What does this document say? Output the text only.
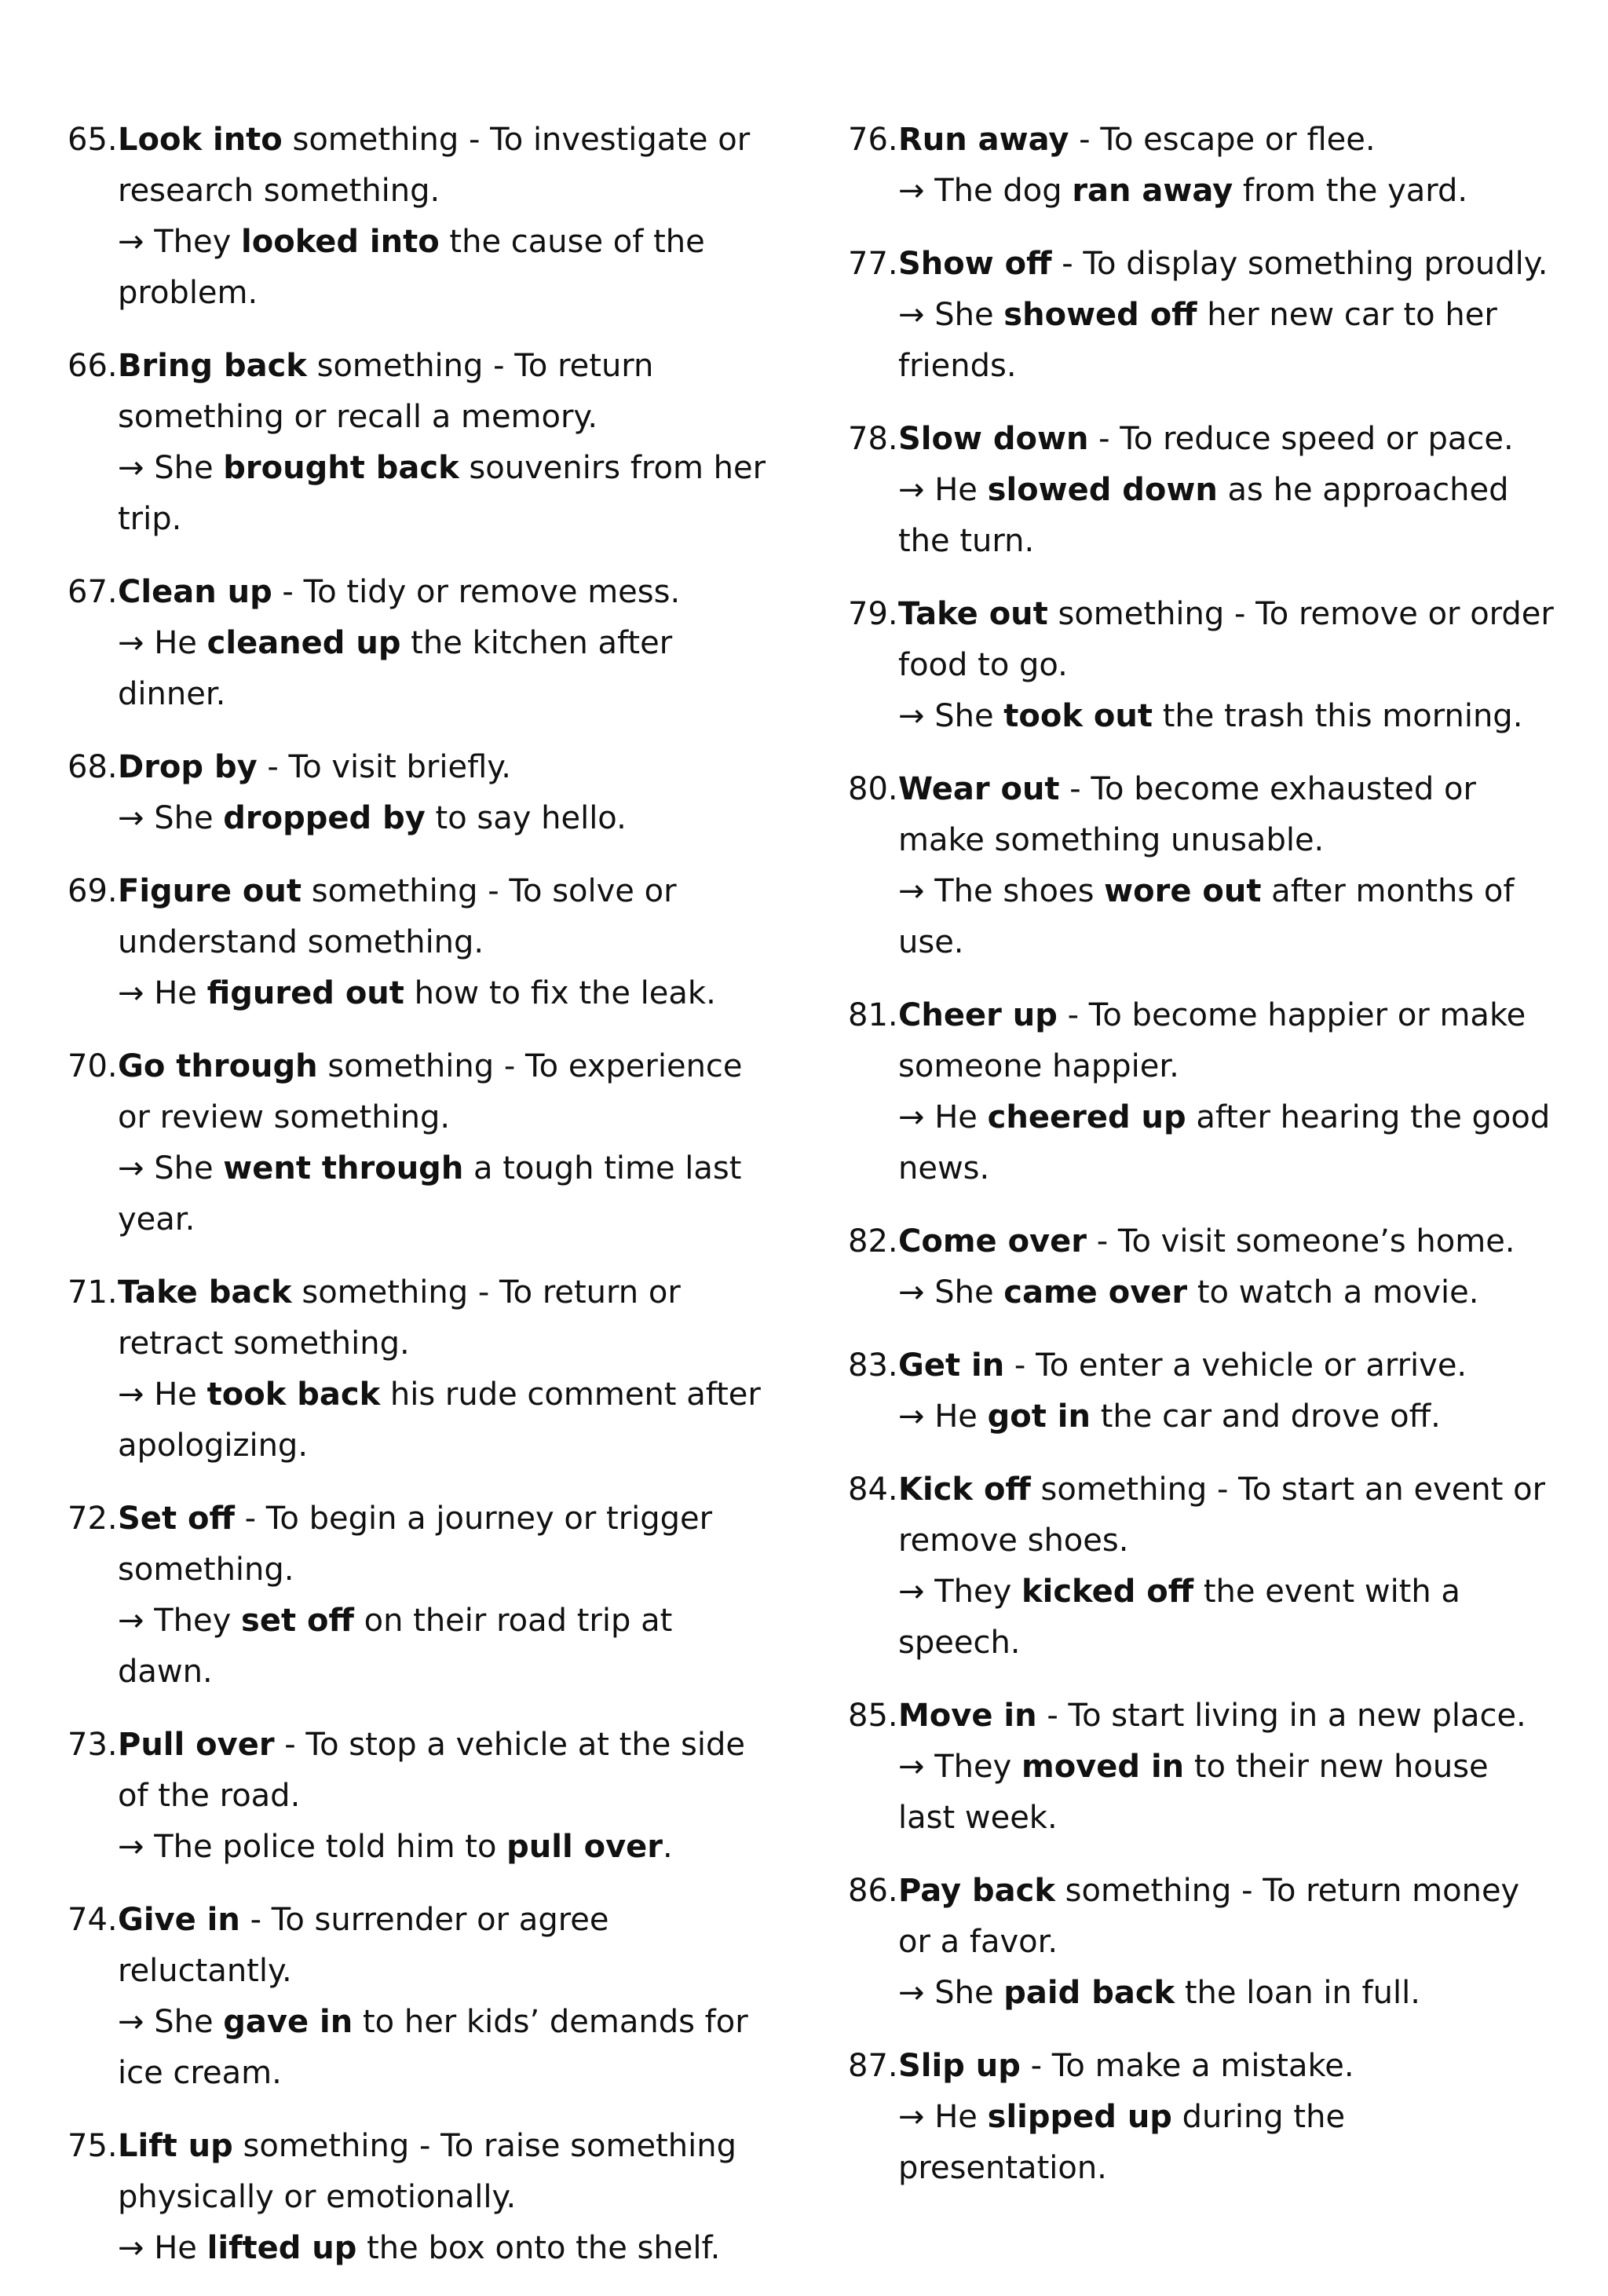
65. Look into something - To investigate or research something.
→ They looked into the cause of the problem.
66. Bring back something - To return something or recall a memory.
→ She brought back souvenirs from her trip.
67. Clean up - To tidy or remove mess.
→ He cleaned up the kitchen after dinner.
68. Drop by - To visit briefly.
→ She dropped by to say hello.
69. Figure out something - To solve or understand something.
→ He figured out how to fix the leak.
70. Go through something - To experience or review something.
→ She went through a tough time last year.
71. Take back something - To return or retract something.
→ He took back his rude comment after apologizing.
72. Set off - To begin a journey or trigger something.
→ They set off on their road trip at dawn.
73. Pull over - To stop a vehicle at the side of the road.
→ The police told him to pull over.
74. Give in - To surrender or agree reluctantly.
→ She gave in to her kids’ demands for ice cream.
75. Lift up something - To raise something physically or emotionally.
→ He lifted up the box onto the shelf.
76. Run away - To escape or flee.
→ The dog ran away from the yard.
77. Show off - To display something proudly.
→ She showed off her new car to her friends.
78. Slow down - To reduce speed or pace.
→ He slowed down as he approached the turn.
79. Take out something - To remove or order food to go.
→ She took out the trash this morning.
80. Wear out - To become exhausted or make something unusable.
→ The shoes wore out after months of use.
81. Cheer up - To become happier or make someone happier.
→ He cheered up after hearing the good news.
82. Come over - To visit someone’s home.
→ She came over to watch a movie.
83. Get in - To enter a vehicle or arrive.
→ He got in the car and drove off.
84. Kick off something - To start an event or remove shoes.
→ They kicked off the event with a speech.
85. Move in - To start living in a new place.
→ They moved in to their new house last week.
86. Pay back something - To return money or a favor.
→ She paid back the loan in full.
87. Slip up - To make a mistake.
→ He slipped up during the presentation.
